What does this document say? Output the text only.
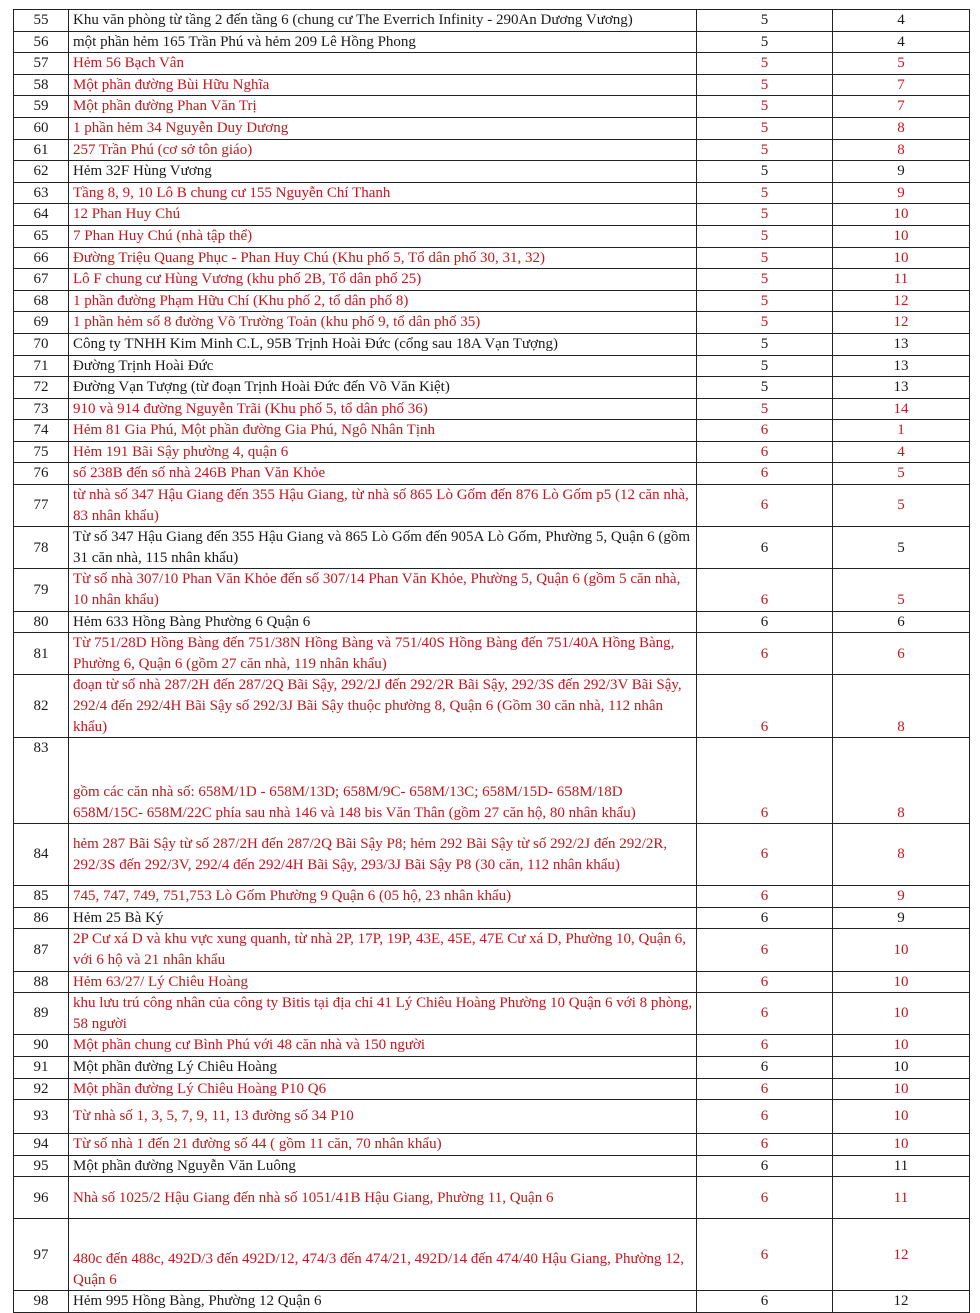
55	Khu văn phòng từ tầng 2 đến tầng 6 (chung cư The Everrich Infinity - 290An Dương Vương)	5	4
56	một phần hẻm 165 Trần Phú và hẻm 209 Lê Hồng Phong	5	4
57	Hẻm 56 Bạch Vân	5	5
58	Một phần đường Bùi Hữu Nghĩa	5	7
59	Một phần đường Phan Văn Trị	5	7
60	1 phần hẻm 34 Nguyễn Duy Dương	5	8
61	257 Trần Phú (cơ sở tôn giáo)	5	8
62	Hẻm 32F Hùng Vương	5	9
63	Tầng 8, 9, 10 Lô B chung cư 155 Nguyễn Chí Thanh	5	9
64	12 Phan Huy Chú	5	10
65	7 Phan Huy Chú (nhà tập thể)	5	10
66	Đường Triệu Quang Phục - Phan Huy Chú (Khu phố 5, Tổ dân phố 30, 31, 32)	5	10
67	Lô F chung cư Hùng Vương (khu phố 2B, Tổ dân phố 25)	5	11
68	1 phần đường Phạm Hữu Chí (Khu phố 2, tổ dân phố 8)	5	12
69	1 phần hẻm số 8 đường Võ Trường Toản (khu phố 9, tổ dân phố 35)	5	12
70	Công ty TNHH Kim Minh C.L, 95B Trịnh Hoài Đức (cổng sau 18A Vạn Tượng)	5	13
71	Đường Trịnh Hoài Đức	5	13
72	Đường Vạn Tượng (từ đoạn Trịnh Hoài Đức đến Võ Văn Kiệt)	5	13
73	910 và 914 đường Nguyễn Trãi (Khu phố 5, tổ dân phố 36)	5	14
74	Hẻm 81 Gia Phú, Một phần đường Gia Phú, Ngô Nhân Tịnh	6	1
75	Hẻm 191 Bãi Sậy phường 4, quận 6	6	4
76	số 238B đến số nhà 246B Phan Văn Khỏe	6	5
77	từ nhà số 347 Hậu Giang đến 355 Hậu Giang, từ nhà số 865 Lò Gốm đến 876 Lò Gốm p5 (12 căn nhà, 83 nhân khẩu)	6	5
78	Từ số 347 Hậu Giang đến 355 Hậu Giang và 865 Lò Gốm đến 905A Lò Gốm, Phường 5, Quận 6 (gồm 31 căn nhà, 115 nhân khẩu)	6	5
79	Từ số nhà 307/10 Phan Văn Khỏe đến số 307/14 Phan Văn Khỏe, Phường 5, Quận 6 (gồm 5 căn nhà, 10 nhân khẩu)	6	5
80	Hẻm 633 Hồng Bàng Phường 6 Quận 6	6	6
81	Từ 751/28D Hồng Bàng đến 751/38N Hồng Bàng và 751/40S Hồng Bàng đến 751/40A Hồng Bàng, Phường 6, Quận 6 (gồm 27 căn nhà, 119 nhân khẩu)	6	6
82	đoạn từ số nhà 287/2H đến 287/2Q Bãi Sậy, 292/2J đến 292/2R Bãi Sậy, 292/3S đến 292/3V Bãi Sậy, 292/4 đến 292/4H Bãi Sậy số 292/3J Bãi Sậy thuộc phường 8, Quận 6 (Gồm 30 căn nhà, 112 nhân khẩu)	6	8
83	gồm các căn nhà số: 658M/1D - 658M/13D; 658M/9C- 658M/13C; 658M/15D- 658M/18D 658M/15C- 658M/22C phía sau nhà 146 và 148 bis Văn Thân (gồm 27 căn hộ, 80 nhân khẩu)	6	8
84	hẻm 287 Bãi Sậy từ số 287/2H đến 287/2Q Bãi Sậy P8; hẻm 292 Bãi Sậy từ số 292/2J đến 292/2R, 292/3S đến 292/3V, 292/4 đến 292/4H Bãi Sậy, 293/3J Bãi Sậy P8 (30 căn, 112 nhân khẩu)	6	8
85	745, 747, 749, 751,753 Lò Gốm Phường 9 Quận 6 (05 hộ, 23 nhân khẩu)	6	9
86	Hẻm 25 Bà Ký	6	9
87	2P Cư xá D và khu vực xung quanh, từ nhà 2P, 17P, 19P, 43E, 45E, 47E Cư xá D, Phường 10, Quận 6, với 6 hộ và 21 nhân khẩu	6	10
88	Hẻm 63/27/ Lý Chiêu Hoàng	6	10
89	khu lưu trú công nhân của công ty Bitis tại địa chỉ 41 Lý Chiêu Hoàng Phường 10 Quận 6 với 8 phòng, 58 người	6	10
90	Một phần chung cư Bình Phú với 48 căn nhà và 150 người	6	10
91	Một phần đường Lý Chiêu Hoàng	6	10
92	Một phần đường Lý Chiêu Hoàng P10 Q6	6	10
93	Từ nhà số 1, 3, 5, 7, 9, 11, 13 đường số 34 P10	6	10
94	Từ số nhà 1 đến 21 đường số 44 ( gồm 11 căn, 70 nhân khẩu)	6	10
95	Một phần đường Nguyễn Văn Luông	6	11
96	Nhà số 1025/2 Hậu Giang đến nhà số 1051/41B Hậu Giang, Phường 11, Quận 6	6	11
97	480c đến 488c, 492D/3 đến 492D/12, 474/3 đến 474/21, 492D/14 đến 474/40 Hậu Giang, Phường 12, Quận 6	6	12
98	Hẻm 995 Hồng Bàng, Phường 12 Quận 6	6	12
